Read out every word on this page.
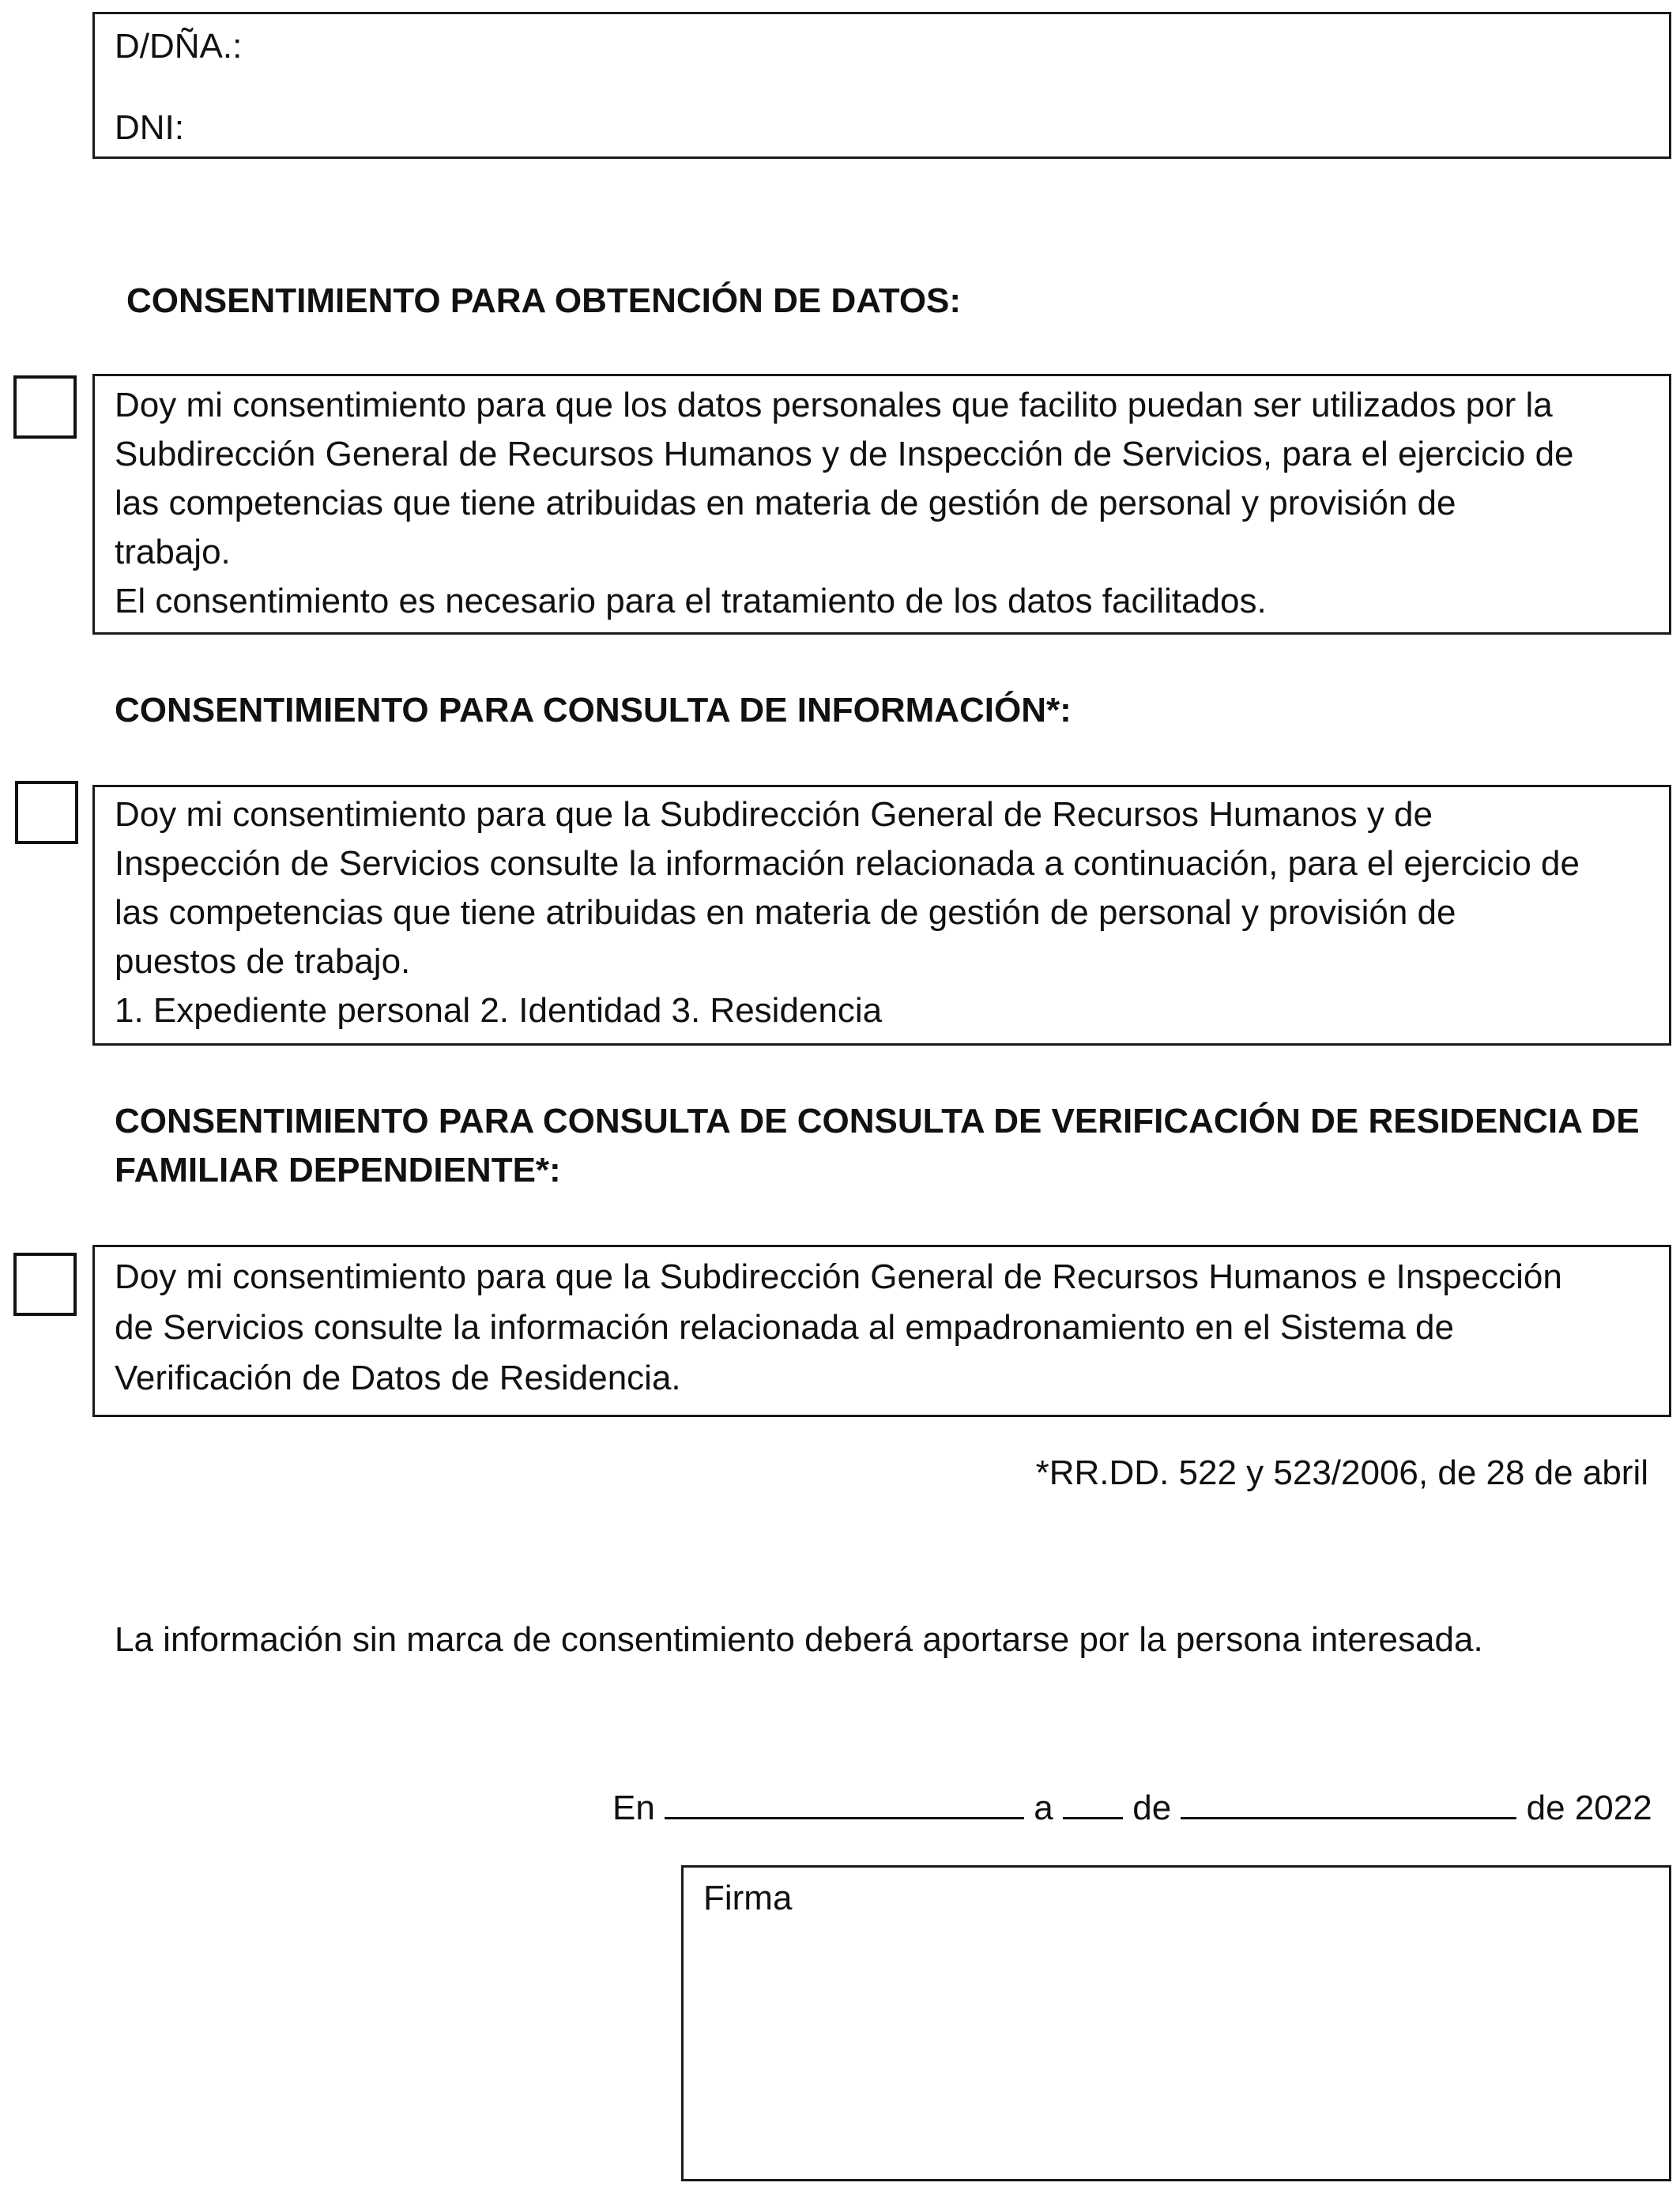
D/DÑA.:
DNI:
CONSENTIMIENTO PARA OBTENCIÓN DE DATOS:
Doy mi consentimiento para que los datos personales que facilito puedan ser utilizados por la
Subdirección General de Recursos Humanos y de Inspección de Servicios, para el ejercicio de
las competencias que tiene atribuidas en materia de gestión de personal y provisión de
trabajo.
El consentimiento es necesario para el tratamiento de los datos facilitados.
CONSENTIMIENTO PARA CONSULTA DE INFORMACIÓN*:
Doy mi consentimiento para que la Subdirección General de Recursos Humanos y de
Inspección de Servicios consulte la información relacionada a continuación, para el ejercicio de
las competencias que tiene atribuidas en materia de gestión de personal y provisión de
puestos de trabajo.
1. Expediente personal 2. Identidad 3. Residencia
CONSENTIMIENTO PARA CONSULTA DE CONSULTA DE VERIFICACIÓN DE RESIDENCIA DE
FAMILIAR DEPENDIENTE*:
Doy mi consentimiento para que la Subdirección General de Recursos Humanos e Inspección
de Servicios consulte la información relacionada al empadronamiento en el Sistema de
Verificación de Datos de Residencia.
*RR.DD. 522 y 523/2006, de 28 de abril
La información sin marca de consentimiento deberá aportarse por la persona interesada.
En	a de	de 2022
Firma
